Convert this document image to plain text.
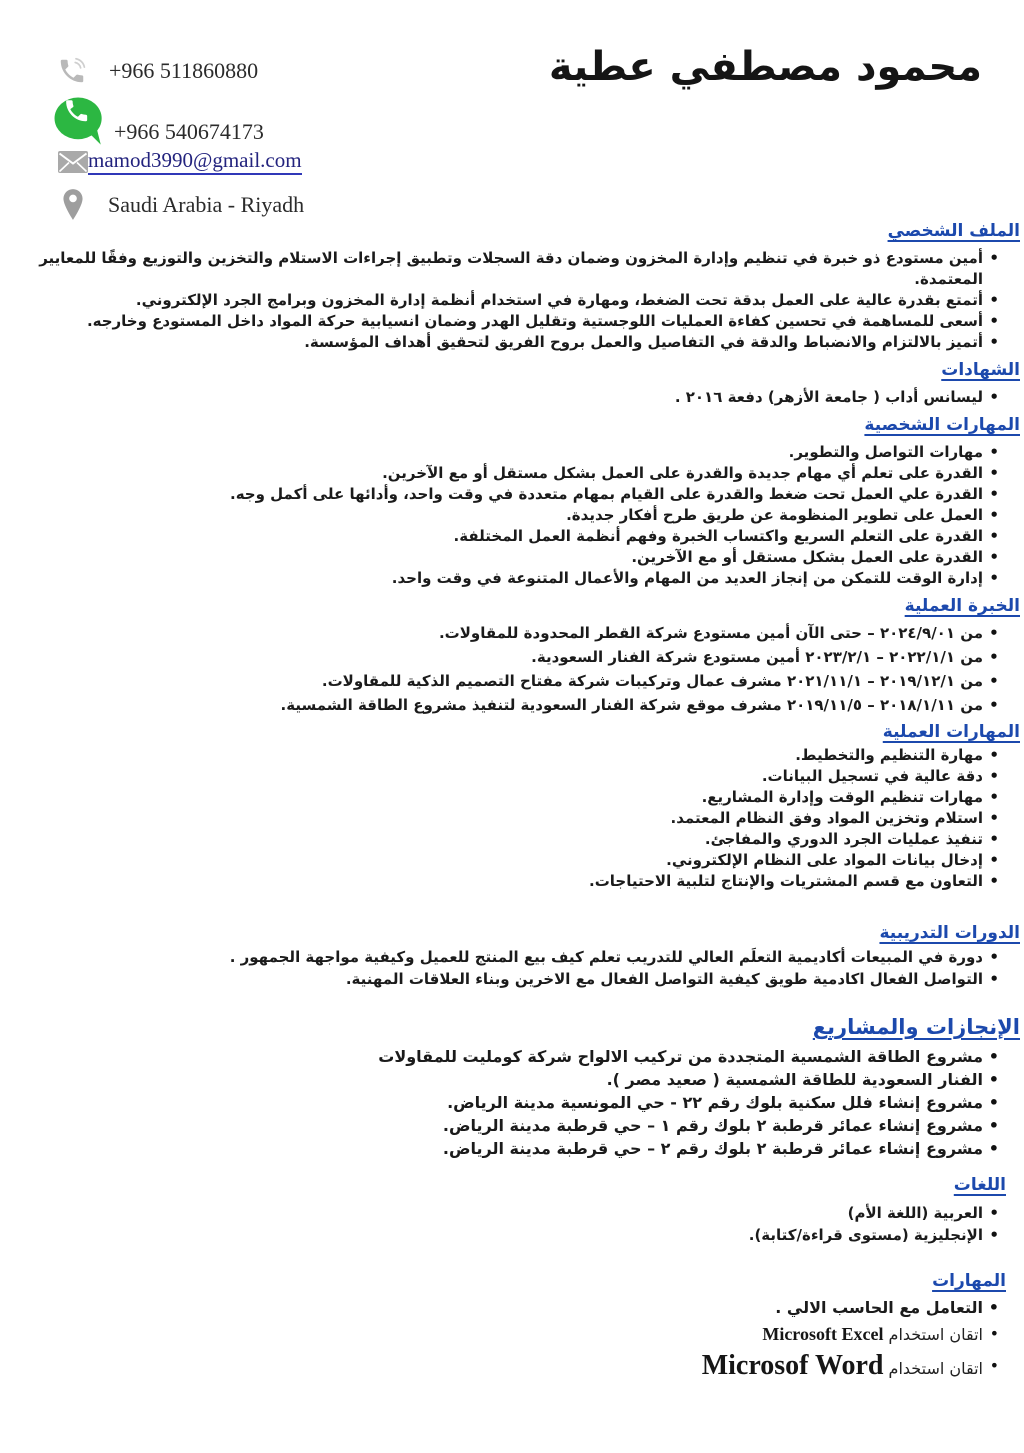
محمود مصطفي عطية
+966 511860880
+966 540674173
mamod3990@gmail.com
Saudi Arabia - Riyadh
الملف الشخصي
• أمين مستودع ذو خبرة في تنظيم وإدارة المخزون وضمان دقة السجلات وتطبيق إجراءات الاستلام والتخزين والتوزيع وفقًا للمعايير المعتمدة.
• أتمتع بقدرة عالية على العمل بدقة تحت الضغط، ومهارة في استخدام أنظمة إدارة المخزون وبرامج الجرد الإلكتروني.
• أسعى للمساهمة في تحسين كفاءة العمليات اللوجستية وتقليل الهدر وضمان انسيابية حركة المواد داخل المستودع وخارجه.
• أتميز بالالتزام والانضباط والدقة في التفاصيل والعمل بروح الفريق لتحقيق أهداف المؤسسة.
الشهادات
• ليسانس أداب ( جامعة الأزهر) دفعة ٢٠١٦ .
المهارات الشخصية
• مهارات التواصل والتطوير.
• القدرة على تعلم أي مهام جديدة والقدرة على العمل بشكل مستقل أو مع الآخرين.
• القدرة علي العمل تحت ضغط والقدرة على القيام بمهام متعددة في وقت واحد، وأدائها على أكمل وجه.
• العمل على تطوير المنظومة عن طريق طرح أفكار جديدة.
• القدرة على التعلم السريع واكتساب الخبرة وفهم أنظمة العمل المختلفة.
• القدرة على العمل بشكل مستقل أو مع الآخرين.
• إدارة الوقت للتمكن من إنجاز العديد من المهام والأعمال المتنوعة في وقت واحد.
الخبرة العملية
• من ٢٠٢٤/٩/٠١ – حتى الآن أمين مستودع شركة القطر المحدودة للمقاولات.
• من ٢٠٢٢/١/١ – ٢٠٢٣/٢/١ أمين مستودع شركة الفنار السعودية.
• من ٢٠١٩/١٢/١ – ٢٠٢١/١١/١ مشرف عمال وتركيبات شركة مفتاح التصميم الذكية للمقاولات.
• من ٢٠١٨/١/١١ – ٢٠١٩/١١/٥ مشرف موقع شركة الفنار السعودية لتنفيذ مشروع الطاقة الشمسية.
المهارات العملية
• مهارة التنظيم والتخطيط.
• دقة عالية في تسجيل البيانات.
• مهارات تنظيم الوقت وإدارة المشاريع.
• استلام وتخزين المواد وفق النظام المعتمد.
• تنفيذ عمليات الجرد الدوري والمفاجئ.
• إدخال بيانات المواد على النظام الإلكتروني.
• التعاون مع قسم المشتريات والإنتاج لتلبية الاحتياجات.
الدورات التدريبية
• دورة في المبيعات أكاديمية التعلَم العالي للتدريب تعلم كيف بيع المنتج للعميل وكيفية مواجهة الجمهور .
• التواصل الفعال اكادمية طويق كيفية التواصل الفعال مع الاخرين وبناء العلاقات المهنية.
الإنجازات والمشاريع
• مشروع الطاقة الشمسية المتجددة من تركيب الالواح شركة كومليت للمقاولات
• الفنار السعودية للطاقة الشمسية ( صعيد مصر ).
• مشروع إنشاء فلل سكنية بلوك رقم ٢٢ - حي المونسية مدينة الرياض.
• مشروع إنشاء عمائر قرطبة ٢ بلوك رقم ١ – حي قرطبة مدينة الرياض.
• مشروع إنشاء عمائر قرطبة ٢ بلوك رقم ٢ – حي قرطبة مدينة الرياض.
اللغات
• العربية (اللغة الأم)
• الإنجليزية (مستوى قراءة/كتابة).
المهارات
• التعامل مع الحاسب الالي .
• اتقان استخدام Microsoft Excel
• اتقان استخدام Microsof Word
